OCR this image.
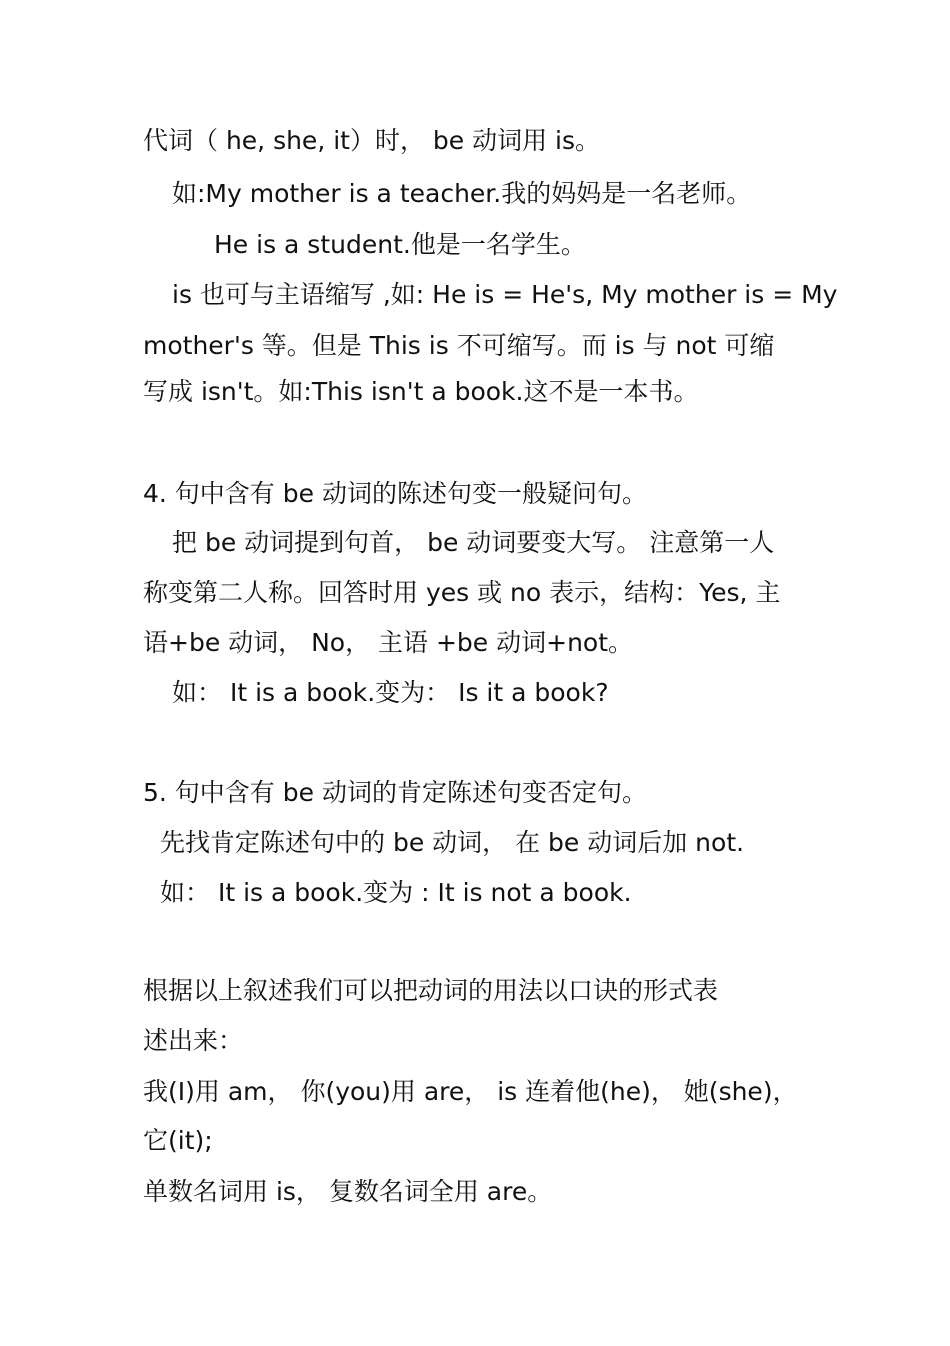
代词（ he, she, it）时， be 动词用 is。
如:My mother is a teacher.我的妈妈是一名老师。
He is a student.他是一名学生。
is 也可与主语缩写 ,如: He is = He's, My mother is = My
mother's 等。但是 This is 不可缩写。而 is 与 not 可缩
写成 isn't。如:This isn't a book.这不是一本书。
4. 句中含有 be 动词的陈述句变一般疑问句。
把 be 动词提到句首， be 动词要变大写。 注意第一人
称变第二人称。回答时用 yes 或 no 表示，结构：Yes, 主
语+be 动词， No， 主语 +be 动词+not。
如： It is a book.变为： Is it a book?
5. 句中含有 be 动词的肯定陈述句变否定句。
先找肯定陈述句中的 be 动词， 在 be 动词后加 not.
如： It is a book.变为 : It is not a book.
根据以上叙述我们可以把动词的用法以口诀的形式表
述出来：
我(I)用 am， 你(you)用 are， is 连着他(he)， 她(she)，
它(it);
单数名词用 is， 复数名词全用 are。
